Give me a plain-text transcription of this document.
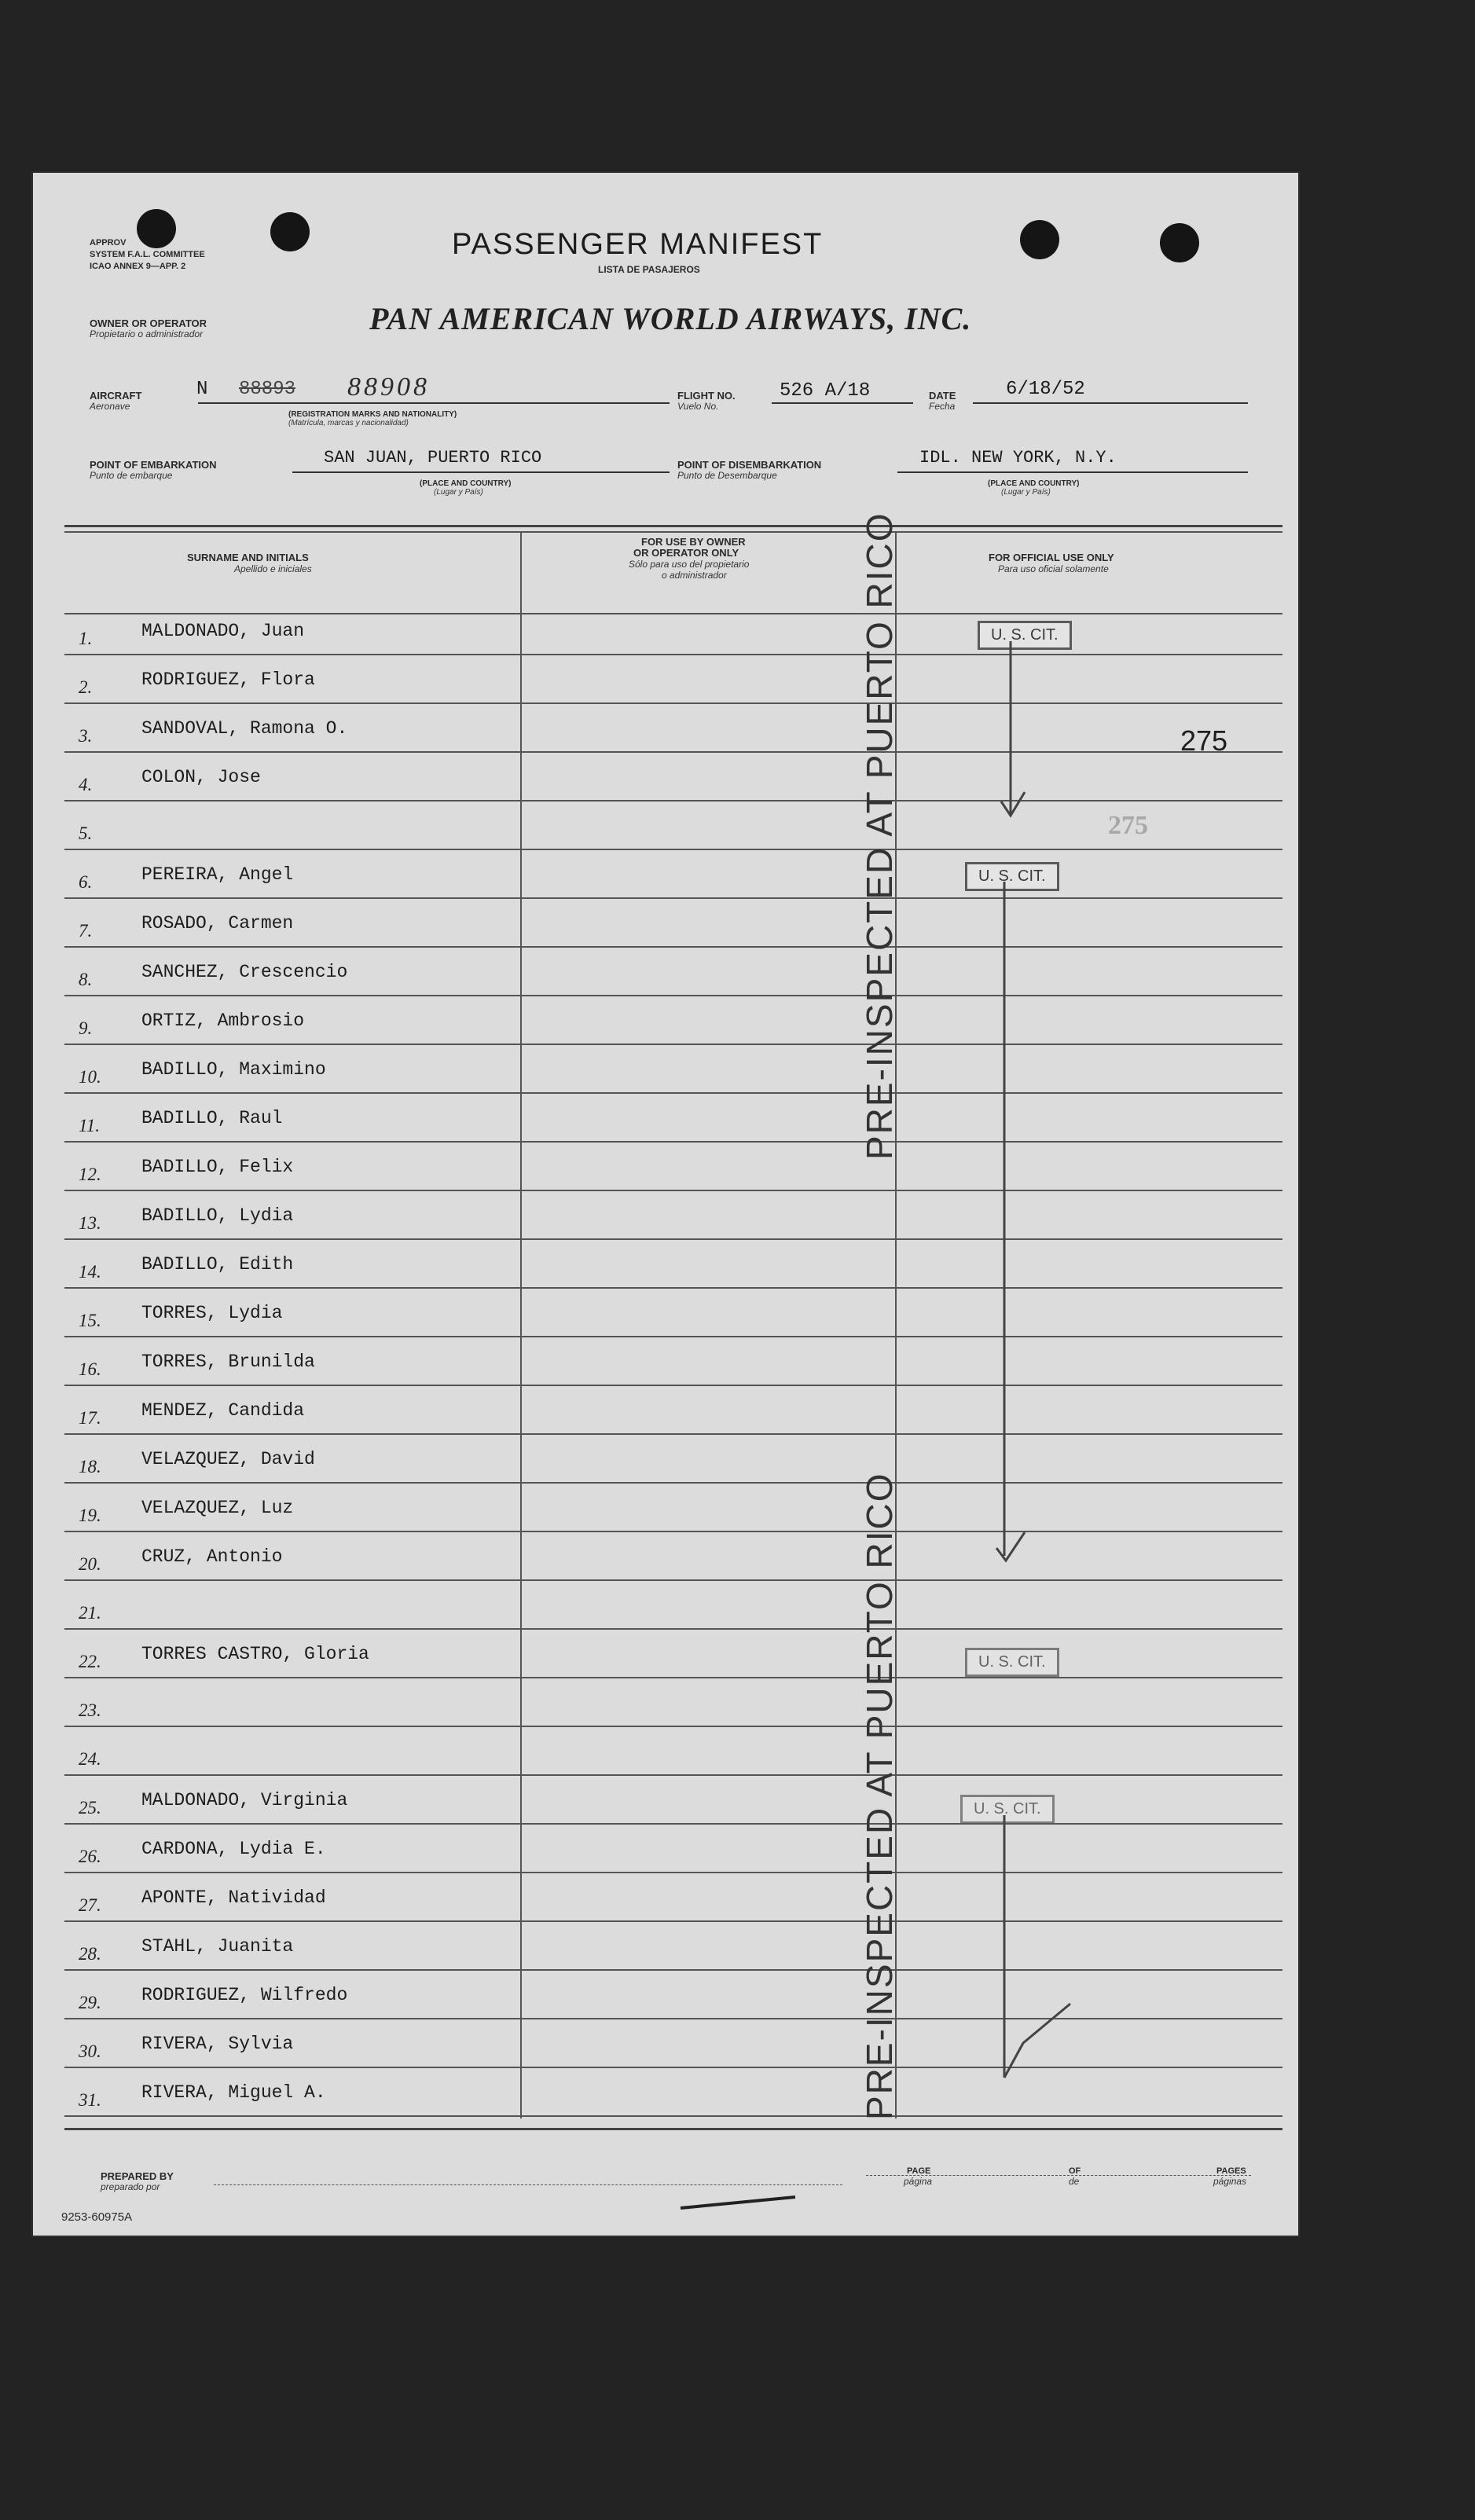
APPROV
SYSTEM F.A.L. COMMITTEE
ICAO ANNEX 9—APP. 2
PASSENGER MANIFEST
LISTA DE PASAJEROS
OWNER OR OPERATOR
Propietario o administrador	PAN AMERICAN WORLD AIRWAYS, INC.
AIRCRAFT
Aeronave
N 88893 88908
(REGISTRATION MARKS AND NATIONALITY)
(Matrícula, marcas y nacionalidad)
FLIGHT NO.
Vuelo No.
526 A/18	DATE
Fecha
6/18/52
POINT OF EMBARKATION
Punto de embarque
SAN JUAN, PUERTO RICO
(PLACE AND COUNTRY)
(Lugar y País)
POINT OF DISEMBARKATION
Punto de Desembarque
IDL. NEW YORK, N.Y.
(PLACE AND COUNTRY)
(Lugar y País)
SURNAME AND INITIALS
Apellido e iniciales
FOR USE BY OWNER
OR OPERATOR ONLY
Sólo para uso del propietario
o administrador
FOR OFFICIAL USE ONLY
Para uso oficial solamente
1.	MALDONADO, Juan
2.	RODRIGUEZ, Flora
3.	SANDOVAL, Ramona O.
4.	COLON, Jose
5.
6.	PEREIRA, Angel
7.	ROSADO, Carmen
8.	SANCHEZ, Crescencio
9.	ORTIZ, Ambrosio
10.	BADILLO, Maximino
11.	BADILLO, Raul
12.	BADILLO, Felix
13.	BADILLO, Lydia
14.	BADILLO, Edith
15.	TORRES, Lydia
16.	TORRES, Brunilda
17.	MENDEZ, Candida
18.	VELAZQUEZ, David
19.	VELAZQUEZ, Luz
20.	CRUZ, Antonio
21.
22.	TORRES CASTRO, Gloria
23.
24.
25.	MALDONADO, Virginia
26.	CARDONA, Lydia E.
27.	APONTE, Natividad
28.	STAHL, Juanita
29.	RODRIGUEZ, Wilfredo
30.	RIVERA, Sylvia
31.	RIVERA, Miguel A.
U. S. CIT.
U. S. CIT.
U. S. CIT.
U. S. CIT.
275
275
PRE-INSPECTED AT PUERTO RICO
PRE-INSPECTED AT PUERTO RICO
PREPARED BY
preparado por
PAGE
página
OF
de
PAGES
páginas
9253-60975A
